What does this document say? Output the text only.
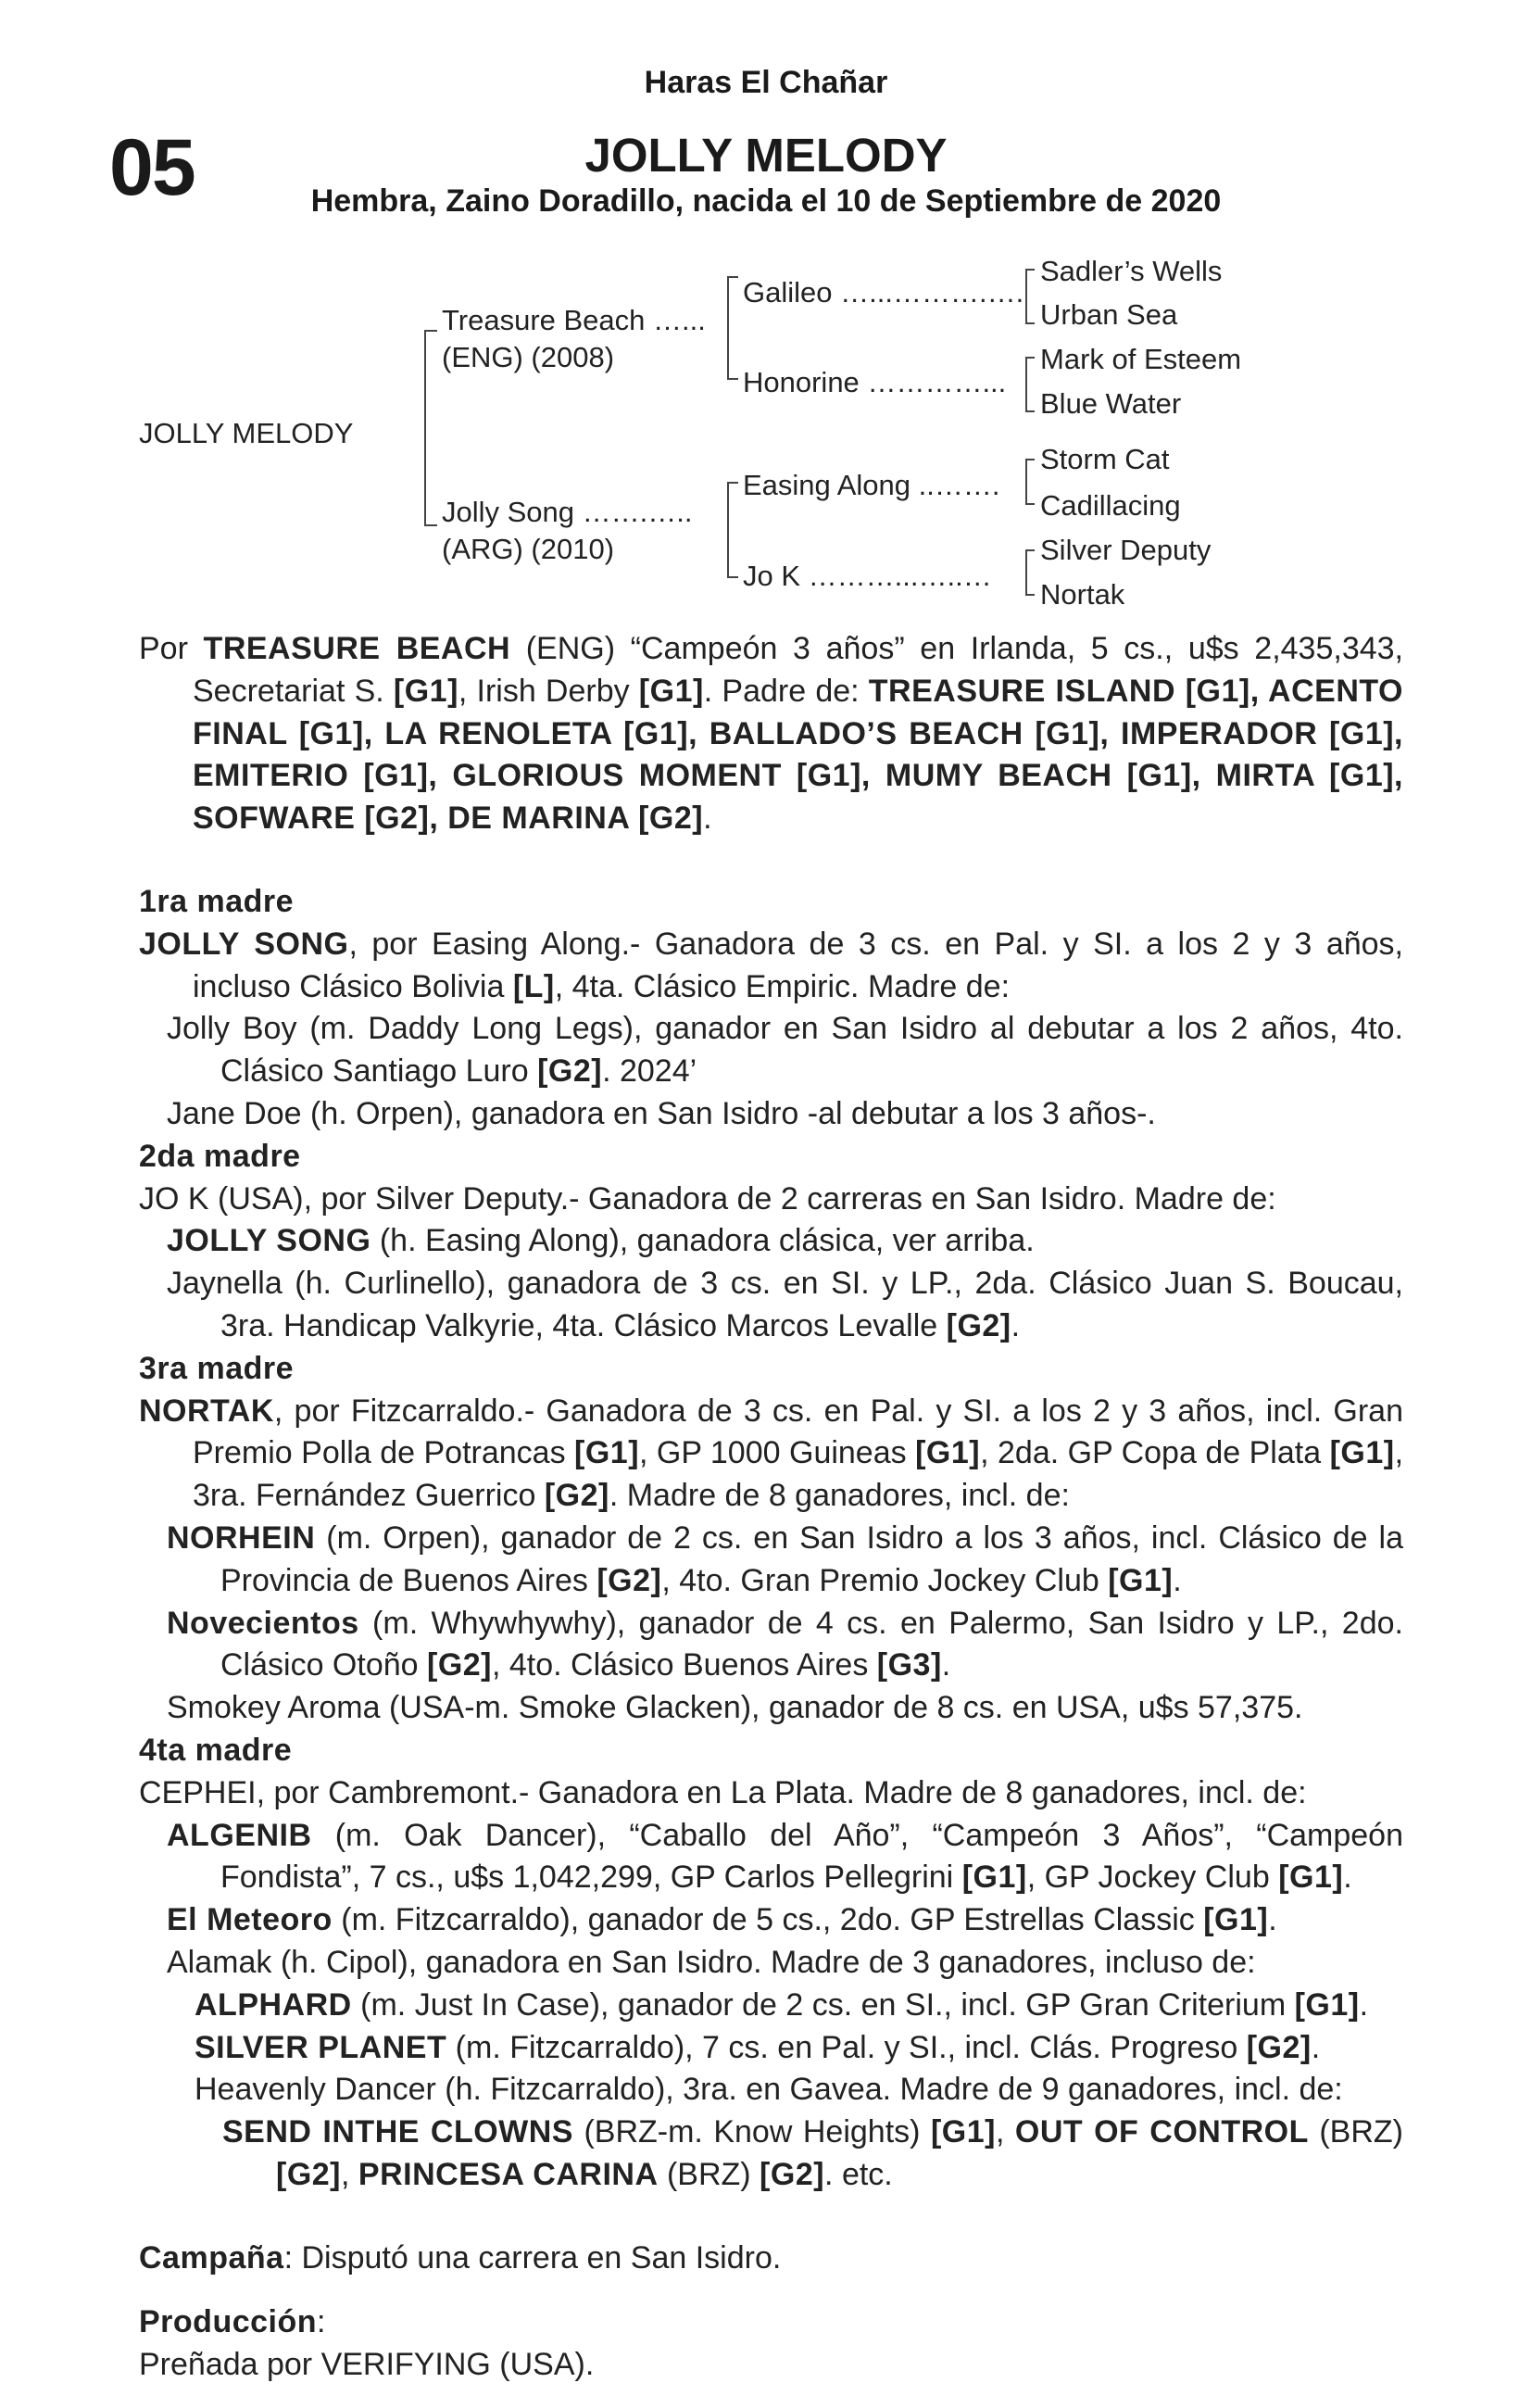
Haras El Chañar
05	JOLLY MELODY
Hembra, Zaino Doradillo, nacida el 10 de Septiembre de 2020
JOLLY MELODY
Treasure Beach …...
(ENG) (2008)
Jolly Song …….…..
(ARG) (2010)
Galileo …...……….….
Honorine …………...
Easing Along ..…….
Jo K ………...…..…
Sadler’s Wells
Urban Sea
Mark of Esteem
Blue Water
Storm Cat
Cadillacing
Silver Deputy
Nortak

Por TREASURE BEACH (ENG) “Campeón 3 años” en Irlanda, 5 cs., u$s 2,435,343, Secretariat S. [G1], Irish Derby [G1]. Padre de: TREASURE ISLAND [G1], ACENTO FINAL [G1], LA RENOLETA [G1], BALLADO’S BEACH [G1], IMPERADOR [G1], EMITERIO [G1], GLORIOUS MOMENT [G1], MUMY BEACH [G1], MIRTA [G1], SOFWARE [G2], DE MARINA [G2].

1ra madre

JOLLY SONG, por Easing Along.- Ganadora de 3 cs. en Pal. y SI. a los 2 y 3 años, incluso Clásico Bolivia [L], 4ta. Clásico Empiric. Madre de:

Jolly Boy (m. Daddy Long Legs), ganador en San Isidro al debutar a los 2 años, 4to. Clásico Santiago Luro [G2]. 2024’

Jane Doe (h. Orpen), ganadora en San Isidro -al debutar a los 3 años-.

2da madre

JO K (USA), por Silver Deputy.- Ganadora de 2 carreras en San Isidro. Madre de:

JOLLY SONG (h. Easing Along), ganadora clásica, ver arriba.

Jaynella (h. Curlinello), ganadora de 3 cs. en SI. y LP., 2da. Clásico Juan S. Boucau, 3ra. Handicap Valkyrie, 4ta. Clásico Marcos Levalle [G2].

3ra madre

NORTAK, por Fitzcarraldo.- Ganadora de 3 cs. en Pal. y SI. a los 2 y 3 años, incl. Gran Premio Polla de Potrancas [G1], GP 1000 Guineas [G1], 2da. GP Copa de Plata [G1], 3ra. Fernández Guerrico [G2]. Madre de 8 ganadores, incl. de:

NORHEIN (m. Orpen), ganador de 2 cs. en San Isidro a los 3 años, incl. Clásico de la Provincia de Buenos Aires [G2], 4to. Gran Premio Jockey Club [G1].

Novecientos (m. Whywhywhy), ganador de 4 cs. en Palermo, San Isidro y LP., 2do. Clásico Otoño [G2], 4to. Clásico Buenos Aires [G3].

Smokey Aroma (USA-m. Smoke Glacken), ganador de 8 cs. en USA, u$s 57,375.

4ta madre

CEPHEI, por Cambremont.- Ganadora en La Plata. Madre de 8 ganadores, incl. de:

ALGENIB (m. Oak Dancer), “Caballo del Año”, “Campeón 3 Años”, “Campeón Fondista”, 7 cs., u$s 1,042,299, GP Carlos Pellegrini [G1], GP Jockey Club [G1].

El Meteoro (m. Fitzcarraldo), ganador de 5 cs., 2do. GP Estrellas Classic [G1].

Alamak (h. Cipol), ganadora en San Isidro. Madre de 3 ganadores, incluso de:

ALPHARD (m. Just In Case), ganador de 2 cs. en SI., incl. GP Gran Criterium [G1].

SILVER PLANET (m. Fitzcarraldo), 7 cs. en Pal. y SI., incl. Clás. Progreso [G2].

Heavenly Dancer (h. Fitzcarraldo), 3ra. en Gavea. Madre de 9 ganadores, incl. de:

SEND INTHE CLOWNS (BRZ-m. Know Heights) [G1], OUT OF CONTROL (BRZ) [G2], PRINCESA CARINA (BRZ) [G2]. etc.

Campaña: Disputó una carrera en San Isidro.

Producción:

Preñada por VERIFYING (USA).
